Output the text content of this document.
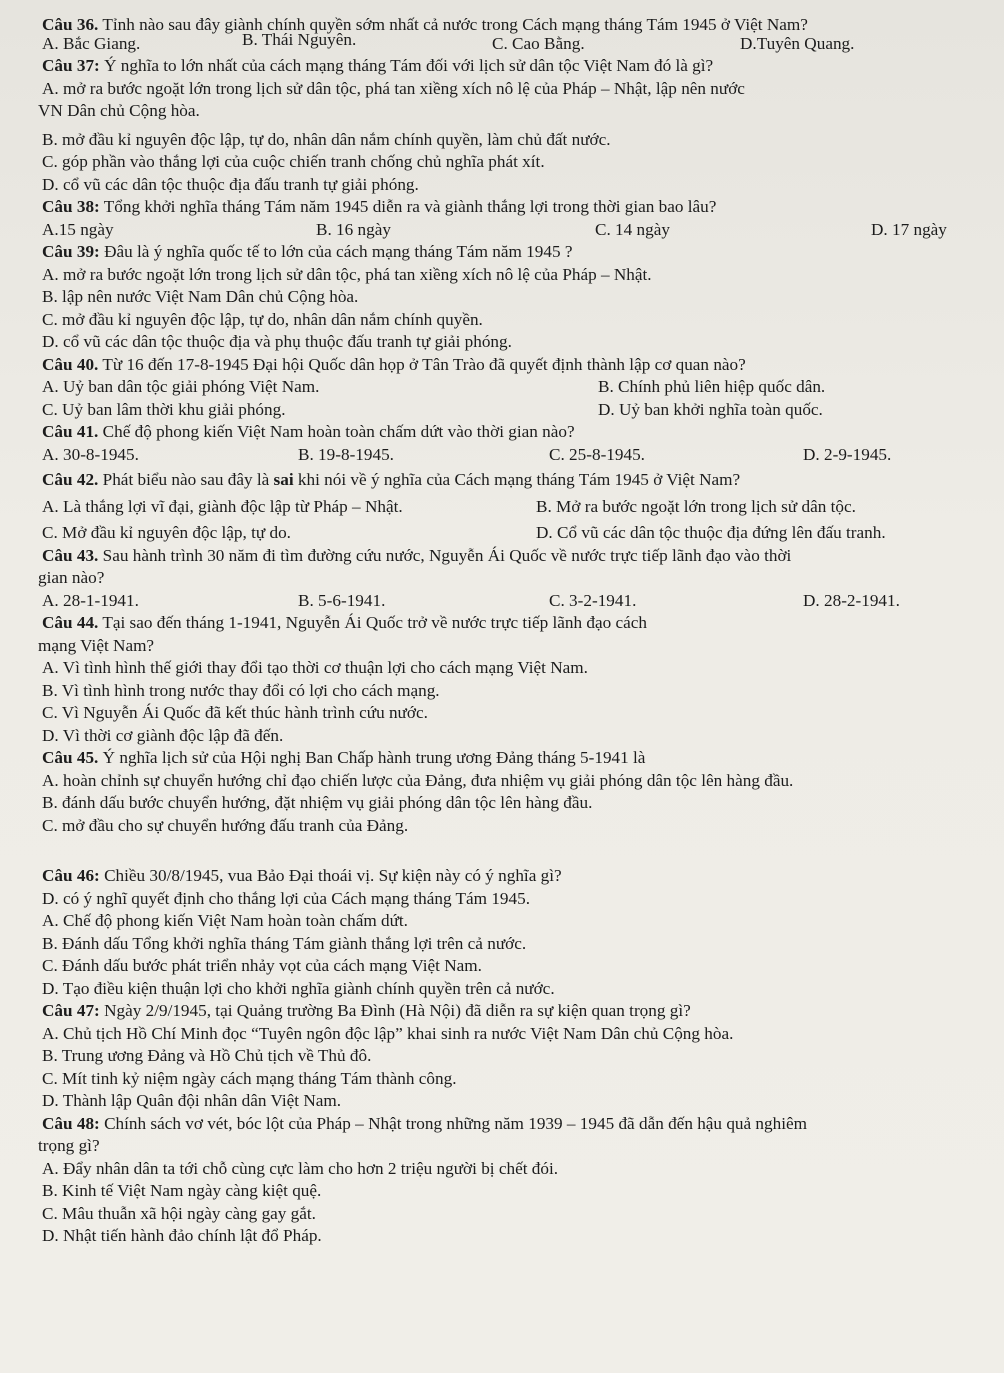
Câu 36. Tỉnh nào sau đây giành chính quyền sớm nhất cả nước trong Cách mạng tháng Tám 1945 ở Việt Nam?
A. Bắc Giang.	B. Thái Nguyên.	C. Cao Bằng.	D.Tuyên Quang.
Câu 37: Ý nghĩa to lớn nhất của cách mạng tháng Tám đối với lịch sử dân tộc Việt Nam đó là gì?
A. mở ra bước ngoặt lớn trong lịch sử dân tộc, phá tan xiềng xích nô lệ của Pháp – Nhật, lập nên nước
VN Dân chủ Cộng hòa.
B. mở đầu kỉ nguyên độc lập, tự do, nhân dân nắm chính quyền, làm chủ đất nước.
C. góp phần vào thắng lợi của cuộc chiến tranh chống chủ nghĩa phát xít.
D. cổ vũ các dân tộc thuộc địa đấu tranh tự giải phóng.
Câu 38: Tổng khởi nghĩa tháng Tám năm 1945 diễn ra và giành thắng lợi trong thời gian bao lâu?
A.15 ngày	B. 16 ngày	C. 14 ngày	D. 17 ngày
Câu 39: Đâu là ý nghĩa quốc tế to lớn của cách mạng tháng Tám năm 1945 ?
A. mở ra bước ngoặt lớn trong lịch sử dân tộc, phá tan xiềng xích nô lệ của Pháp – Nhật.
B. lập nên nước Việt Nam Dân chủ Cộng hòa.
C. mở đầu kỉ nguyên độc lập, tự do, nhân dân nắm chính quyền.
D. cổ vũ các dân tộc thuộc địa và phụ thuộc đấu tranh tự giải phóng.
Câu 40. Từ 16 đến 17-8-1945 Đại hội Quốc dân họp ở Tân Trào đã quyết định thành lập cơ quan nào?
A. Uỷ ban dân tộc giải phóng Việt Nam.	B. Chính phủ liên hiệp quốc dân.
C. Uỷ ban lâm thời khu giải phóng.	D. Uỷ ban khởi nghĩa toàn quốc.
Câu 41. Chế độ phong kiến Việt Nam hoàn toàn chấm dứt vào thời gian nào?
A. 30-8-1945.	B. 19-8-1945.	C. 25-8-1945.	D. 2-9-1945.
Câu 42. Phát biểu nào sau đây là sai khi nói về ý nghĩa của Cách mạng tháng Tám 1945 ở Việt Nam?
A. Là thắng lợi vĩ đại, giành độc lập từ Pháp – Nhật.	B. Mở ra bước ngoặt lớn trong lịch sử dân tộc.
C. Mở đầu kỉ nguyên độc lập, tự do.	D. Cổ vũ các dân tộc thuộc địa đứng lên đấu tranh.
Câu 43. Sau hành trình 30 năm đi tìm đường cứu nước, Nguyễn Ái Quốc về nước trực tiếp lãnh đạo vào thời
gian nào?
A. 28-1-1941.	B. 5-6-1941.	C. 3-2-1941.	D. 28-2-1941.
Câu 44. Tại sao đến tháng 1-1941, Nguyễn Ái Quốc trở về nước trực tiếp lãnh đạo cách
mạng Việt Nam?
A. Vì tình hình thế giới thay đổi tạo thời cơ thuận lợi cho cách mạng Việt Nam.
B. Vì tình hình trong nước thay đổi có lợi cho cách mạng.
C. Vì Nguyễn Ái Quốc đã kết thúc hành trình cứu nước.
D. Vì thời cơ giành độc lập đã đến.
Câu 45. Ý nghĩa lịch sử của Hội nghị Ban Chấp hành trung ương Đảng tháng 5-1941 là
A. hoàn chỉnh sự chuyển hướng chỉ đạo chiến lược của Đảng, đưa nhiệm vụ giải phóng dân tộc lên hàng đầu.
B. đánh dấu bước chuyển hướng, đặt nhiệm vụ giải phóng dân tộc lên hàng đầu.
C. mở đầu cho sự chuyển hướng đấu tranh của Đảng.
Câu 46: Chiều 30/8/1945, vua Bảo Đại thoái vị. Sự kiện này có ý nghĩa gì?
D. có ý nghĩ quyết định cho thắng lợi của Cách mạng tháng Tám 1945.
A. Chế độ phong kiến Việt Nam hoàn toàn chấm dứt.
B. Đánh dấu Tổng khởi nghĩa tháng Tám giành thắng lợi trên cả nước.
C. Đánh dấu bước phát triển nhảy vọt của cách mạng Việt Nam.
D. Tạo điều kiện thuận lợi cho khởi nghĩa giành chính quyền trên cả nước.
Câu 47: Ngày 2/9/1945, tại Quảng trường Ba Đình (Hà Nội) đã diễn ra sự kiện quan trọng gì?
A. Chủ tịch Hồ Chí Minh đọc “Tuyên ngôn độc lập” khai sinh ra nước Việt Nam Dân chủ Cộng hòa.
B. Trung ương Đảng và Hồ Chủ tịch về Thủ đô.
C. Mít tinh kỷ niệm ngày cách mạng tháng Tám thành công.
D. Thành lập Quân đội nhân dân Việt Nam.
Câu 48: Chính sách vơ vét, bóc lột của Pháp – Nhật trong những năm 1939 – 1945 đã dẫn đến hậu quả nghiêm
trọng gì?
A. Đẩy nhân dân ta tới chỗ cùng cực làm cho hơn 2 triệu người bị chết đói.
B. Kinh tế Việt Nam ngày càng kiệt quệ.
C. Mâu thuẫn xã hội ngày càng gay gắt.
D. Nhật tiến hành đảo chính lật đổ Pháp.
